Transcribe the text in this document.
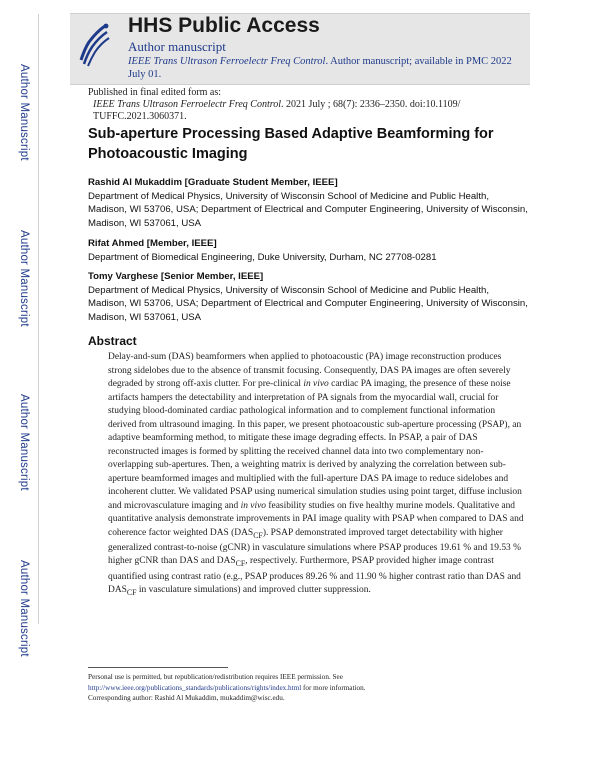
Author Manuscript
Author Manuscript
Author Manuscript
Author Manuscript
HHS Public Access
Author manuscript
IEEE Trans Ultrason Ferroelectr Freq Control. Author manuscript; available in PMC 2022 July 01.
Published in final edited form as:
IEEE Trans Ultrason Ferroelectr Freq Control. 2021 July ; 68(7): 2336–2350. doi:10.1109/ TUFFC.2021.3060371.
Sub-aperture Processing Based Adaptive Beamforming for Photoacoustic Imaging
Rashid Al Mukaddim [Graduate Student Member, IEEE]
Department of Medical Physics, University of Wisconsin School of Medicine and Public Health, Madison, WI 53706, USA; Department of Electrical and Computer Engineering, University of Wisconsin, Madison, WI 537061, USA
Rifat Ahmed [Member, IEEE]
Department of Biomedical Engineering, Duke University, Durham, NC 27708-0281
Tomy Varghese [Senior Member, IEEE]
Department of Medical Physics, University of Wisconsin School of Medicine and Public Health, Madison, WI 53706, USA; Department of Electrical and Computer Engineering, University of Wisconsin, Madison, WI 537061, USA
Abstract
Delay-and-sum (DAS) beamformers when applied to photoacoustic (PA) image reconstruction produces strong sidelobes due to the absence of transmit focusing. Consequently, DAS PA images are often severely degraded by strong off-axis clutter. For pre-clinical in vivo cardiac PA imaging, the presence of these noise artifacts hampers the detectability and interpretation of PA signals from the myocardial wall, crucial for studying blood-dominated cardiac pathological information and to complement functional information derived from ultrasound imaging. In this paper, we present photoacoustic sub-aperture processing (PSAP), an adaptive beamforming method, to mitigate these image degrading effects. In PSAP, a pair of DAS reconstructed images is formed by splitting the received channel data into two complementary non-overlapping sub-apertures. Then, a weighting matrix is derived by analyzing the correlation between sub-aperture beamformed images and multiplied with the full-aperture DAS PA image to reduce sidelobes and incoherent clutter. We validated PSAP using numerical simulation studies using point target, diffuse inclusion and microvasculature imaging and in vivo feasibility studies on five healthy murine models. Qualitative and quantitative analysis demonstrate improvements in PAI image quality with PSAP when compared to DAS and coherence factor weighted DAS $(DAS_{CF})$. PSAP demonstrated improved target detectability with higher generalized contrast-to-noise (gCNR) in vasculature simulations where PSAP produces 19.61 % and 19.53 % higher gCNR than DAS and $DAS_{CF}$, respectively. Furthermore, PSAP provided higher image contrast quantified using contrast ratio (e.g., PSAP produces 89.26 % and 11.90 % higher contrast ratio than DAS and $DAS_{CF}$ in vasculature simulations) and improved clutter suppression.
Personal use is permitted, but republication/redistribution requires IEEE permission. See http://www.ieee.org/publications_standards/publications/rights/index.html for more information.
Corresponding author: Rashid Al Mukaddim, mukaddim@wisc.edu.
